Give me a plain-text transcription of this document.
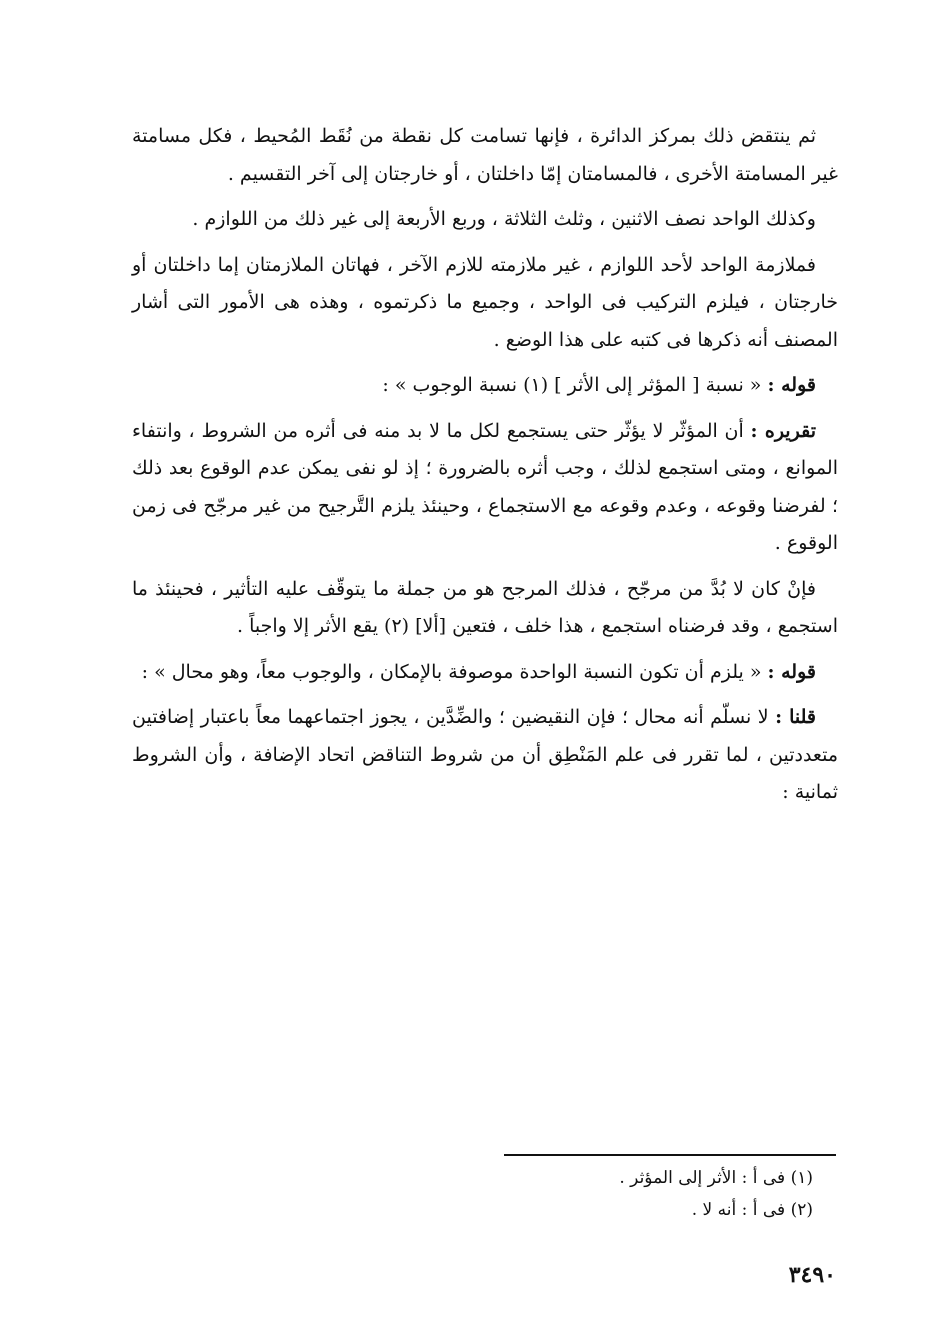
ثم ينتقض ذلك بمركز الدائرة ، فإنها تسامت كل نقطة من نُقَط المُحيط ، فكل مسامتة غير المسامتة الأخرى ، فالمسامتان إمّا داخلتان ، أو خارجتان إلى آخر التقسيم .

وكذلك الواحد نصف الاثنين ، وثلث الثلاثة ، وربع الأربعة إلى غير ذلك من اللوازم .

فملازمة الواحد لأحد اللوازم ، غير ملازمته للازم الآخر ، فهاتان الملازمتان إما داخلتان أو خارجتان ، فيلزم التركيب فى الواحد ، وجميع ما ذكرتموه ، وهذه هى الأمور التى أشار المصنف أنه ذكرها فى كتبه على هذا الوضع .

قوله : « نسبة [ المؤثر إلى الأثر ] (١) نسبة الوجوب » :

تقريره : أن المؤثّر لا يؤثّر حتى يستجمع لكل ما لا بد منه فى أثره من الشروط ، وانتفاء الموانع ، ومتى استجمع لذلك ، وجب أثره بالضرورة ؛ إذ لو نفى يمكن عدم الوقوع بعد ذلك ؛ لفرضنا وقوعه ، وعدم وقوعه مع الاستجماع ، وحينئذ يلزم التَّرجيح من غير مرجّح فى زمن الوقوع .

فإنْ كان لا بُدَّ من مرجّح ، فذلك المرجح هو من جملة ما يتوقّف عليه التأثير ، فحينئذ ما استجمع ، وقد فرضناه استجمع ، هذا خلف ، فتعين [ألا] (٢) يقع الأثر إلا واجباً .

قوله : « يلزم أن تكون النسبة الواحدة موصوفة بالإمكان ، والوجوب معاً، وهو محال » :

قلنا : لا نسلّم أنه محال ؛ فإن النقيضين ؛ والضِّدَّين ، يجوز اجتماعهما معاً باعتبار إضافتين متعددتين ، لما تقرر فى علم المَنْطِق أن من شروط التناقض اتحاد الإضافة ، وأن الشروط ثمانية :

(١) فى أ : الأثر إلى المؤثر .
(٢) فى أ : أنه لا .
٣٤٩٠
